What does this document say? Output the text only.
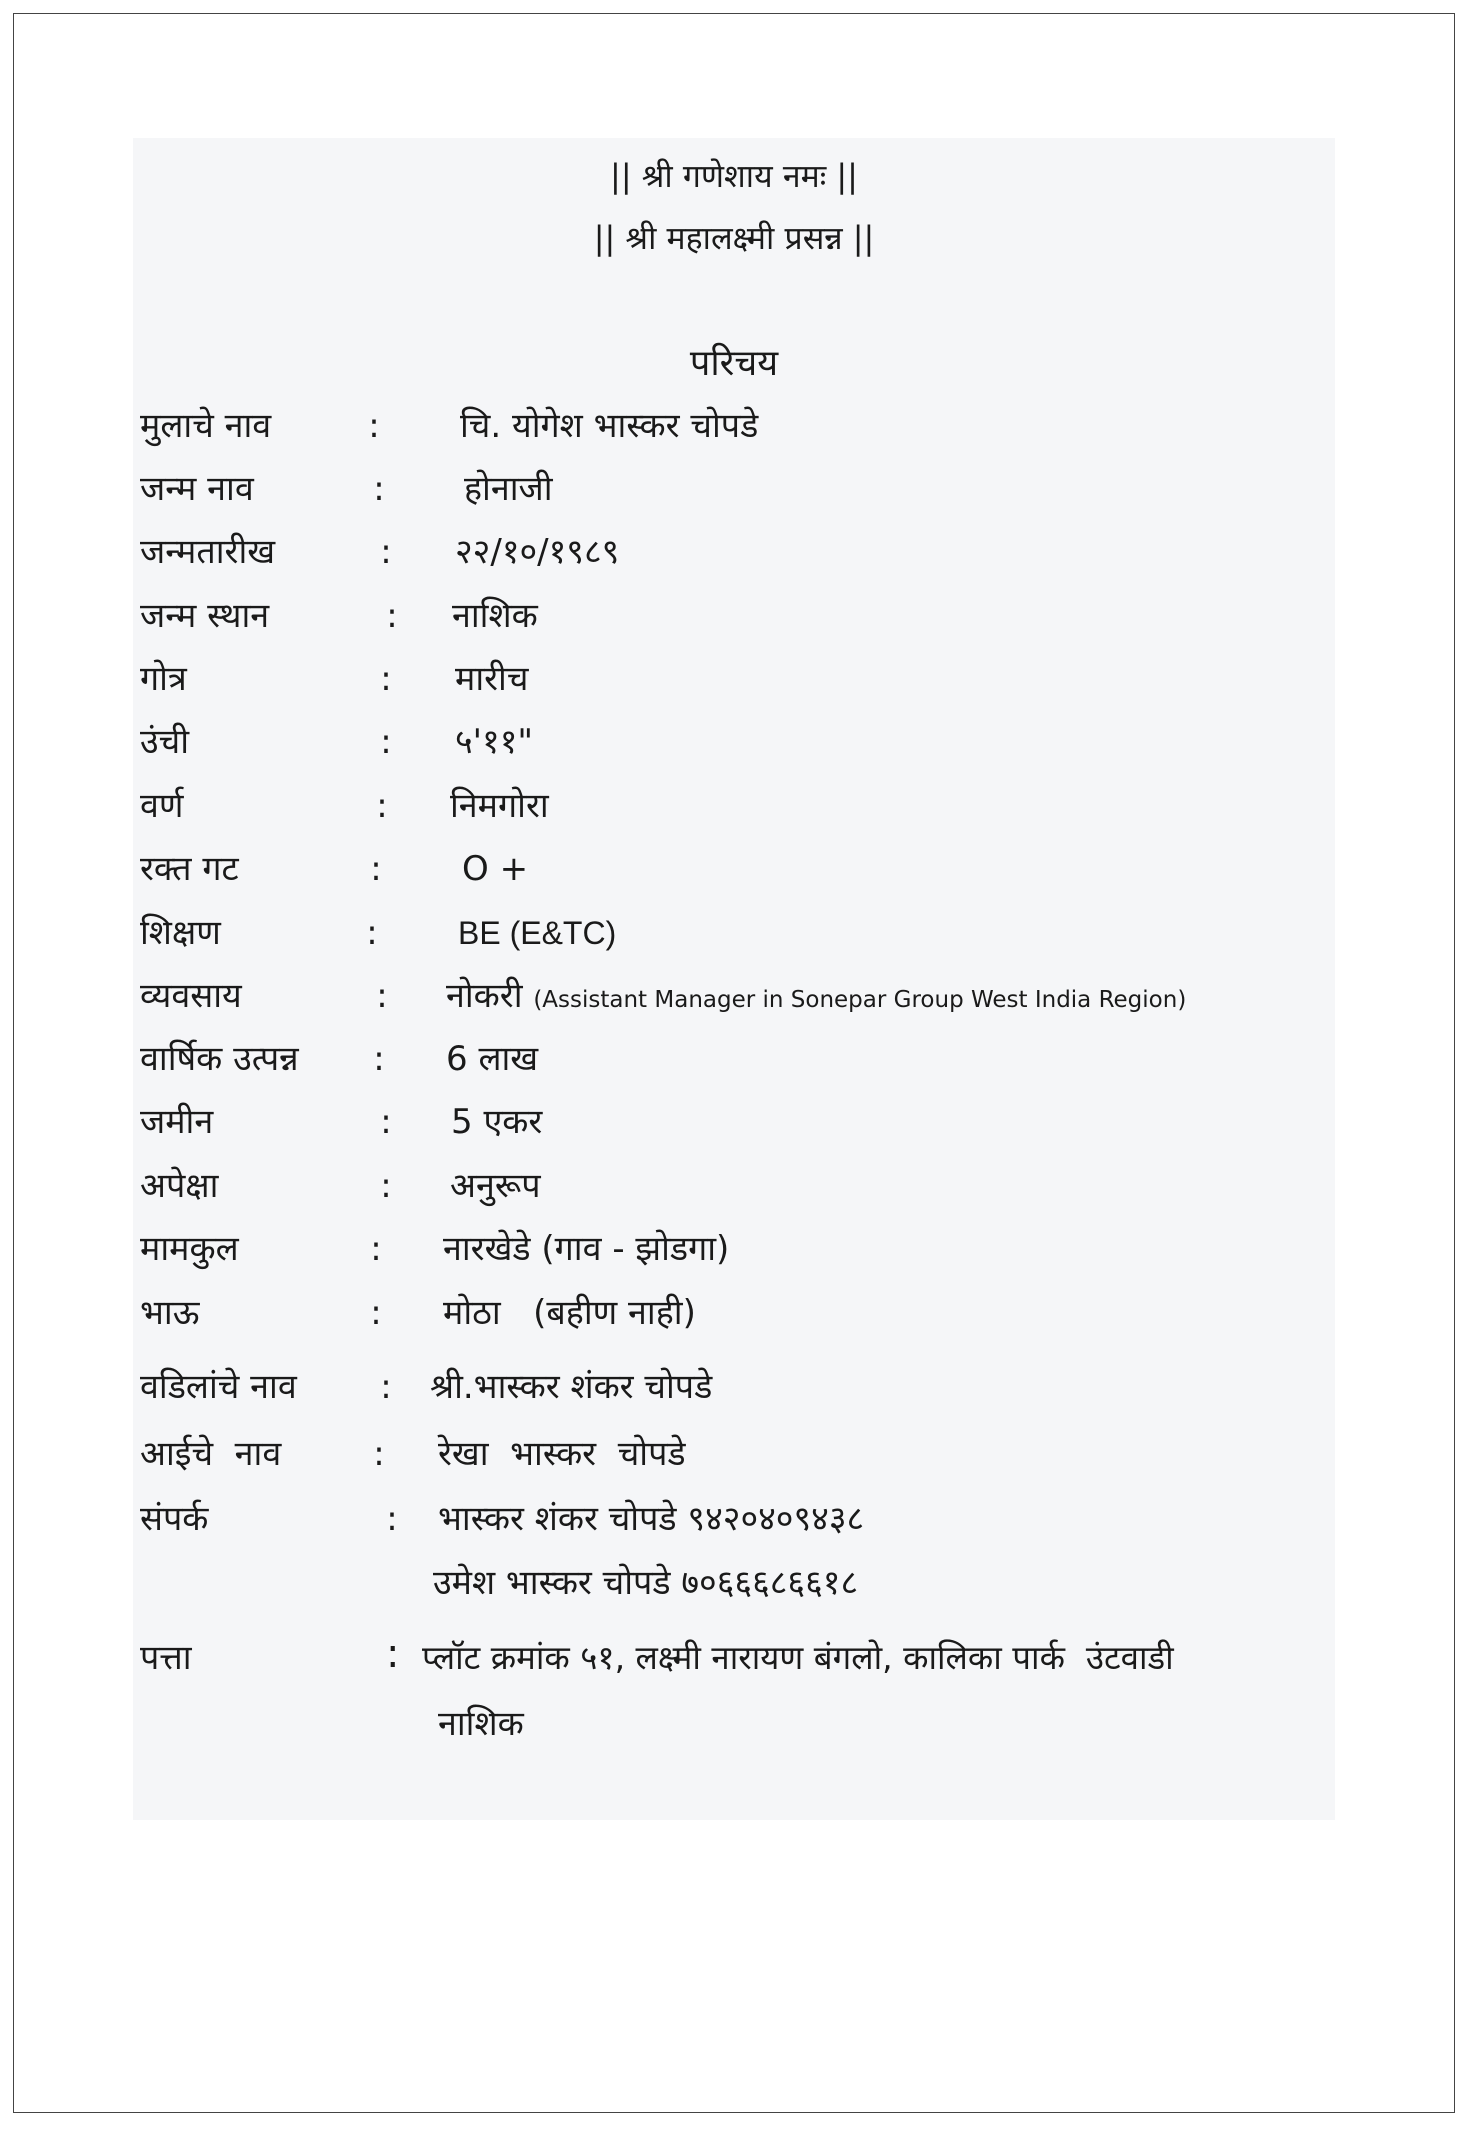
|| श्री गणेशाय नमः ||
|| श्री महालक्ष्मी प्रसन्न ||
परिचय
मुलाचे नाव	: चि. योगेश भास्कर चोपडे
जन्म नाव	: होनाजी
जन्मतारीख	: २२/१०/१९८९
जन्म स्थान	: नाशिक
गोत्र	: मारीच
उंची	: ५'११"
वर्ण	: निमगोरा
रक्त गट	: O +
शिक्षण	:	BE (E&TC)
व्यवसाय	: नोकरी (Assistant Manager in Sonepar Group West India Region)
वार्षिक उत्पन्न : 6 लाख
जमीन	: 5 एकर
अपेक्षा	: अनुरूप
मामकुल	: नारखेडे (गाव - झोडगा)
भाऊ	: मोठा   (बहीण नाही)
वडिलांचे नाव : श्री.भास्कर शंकर चोपडे
आईचे  नाव	: रेखा  भास्कर  चोपडे
संपर्क	: भास्कर शंकर चोपडे ९४२०४०९४३८
उमेश भास्कर चोपडे ७०६६६८६६१८
पत्ता	: प्लॉट क्रमांक ५१, लक्ष्मी नारायण बंगलो, कालिका पार्क  उंटवाडी
नाशिक
